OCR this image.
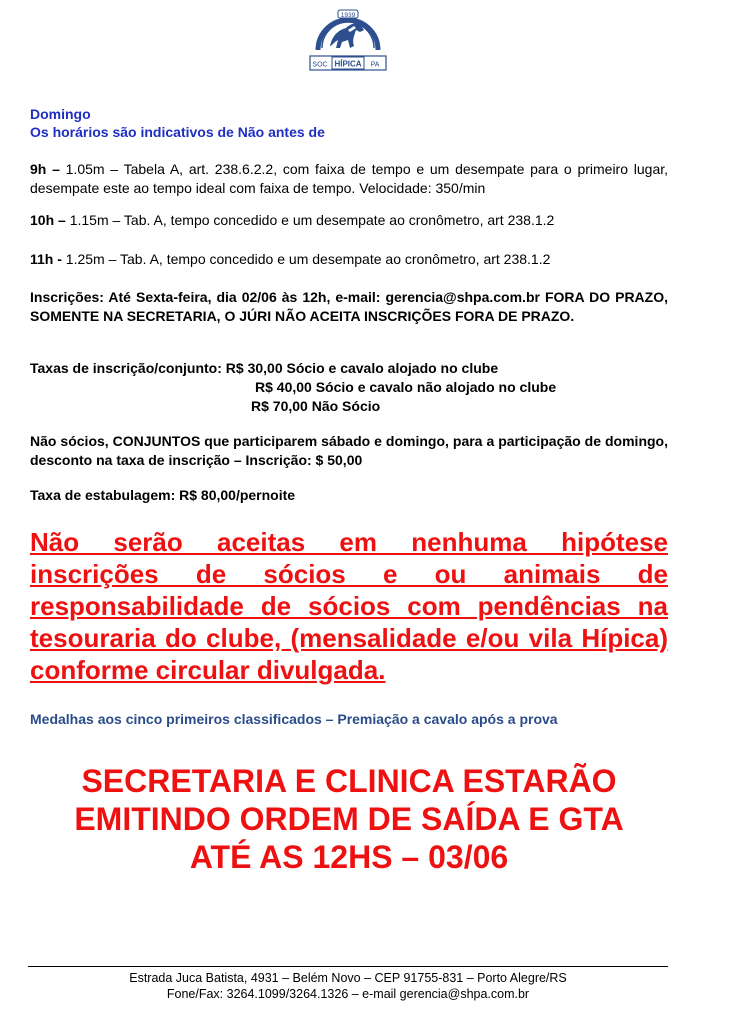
1939
SOC HÍPICA PA

Domingo

Os horários são indicativos de Não antes de

9h – 1.05m – Tabela A, art. 238.6.2.2, com faixa de tempo e um desempate para o primeiro lugar, desempate este ao tempo ideal com faixa de tempo. Velocidade: 350/min

10h – 1.15m – Tab. A, tempo concedido e um desempate ao cronômetro, art 238.1.2

11h - 1.25m – Tab. A, tempo concedido e um desempate ao cronômetro, art 238.1.2

Inscrições: Até Sexta-feira, dia 02/06 às 12h, e-mail: gerencia@shpa.com.br FORA DO PRAZO, SOMENTE NA SECRETARIA, O JÚRI NÃO ACEITA INSCRIÇÕES FORA DE PRAZO.

Taxas de inscrição/conjunto: R$ 30,00 Sócio e cavalo alojado no clube
R$ 40,00 Sócio e cavalo não alojado no clube
R$ 70,00 Não Sócio

Não sócios, CONJUNTOS que participarem sábado e domingo, para a participação de domingo, desconto na taxa de inscrição – Inscrição: $ 50,00

Taxa de estabulagem: R$ 80,00/pernoite

Não serão aceitas em nenhuma hipótese inscrições de sócios e ou animais de responsabilidade de sócios com pendências na tesouraria do clube, (mensalidade e/ou vila Hípica) conforme circular divulgada.

Medalhas aos cinco primeiros classificados – Premiação a cavalo após a prova

SECRETARIA E CLINICA ESTARÃO
EMITINDO ORDEM DE SAÍDA E GTA
ATÉ AS 12HS – 03/06
Estrada Juca Batista, 4931 – Belém Novo – CEP 91755-831 – Porto Alegre/RS
Fone/Fax: 3264.1099/3264.1326 – e-mail gerencia@shpa.com.br
